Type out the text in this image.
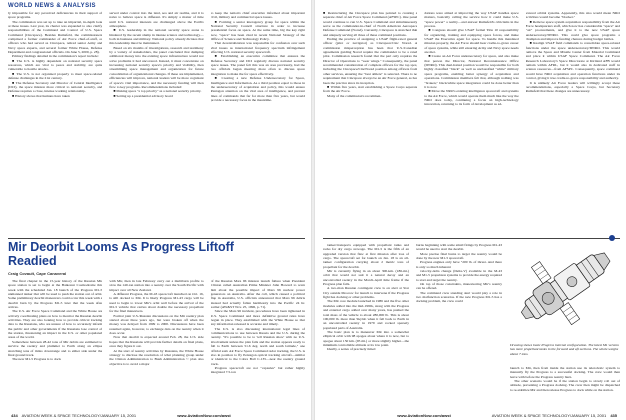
WORLD NEWS & ANALYSIS

ly impossible for any perceived deficiencies in their support of space programs.

The commission was set up to take an impartial, in-depth look at these issues. Last year, its charter was expanded to also clarify responsibilities of the Command and Control of U.S. Space Command (Cincspace). Besides Rumsfeld, the commissioners comprised a former commander of Air Force chief-of-staff, or officers who had served as Cincspace, retired senior Army and Navy space experts, and several former White House, Defense Department and congressional officials. On June 5, 2000, p. 28).

Primary findings detailed in the commission's report include:

■ The U.S. is highly dependent on national security space resources, which are vital to peace and stability, are quite vulnerable to hostile attacks.

■ The U.S. is not organized properly to meet space-related defense challenges in the 21st century.

■ The Defense Secretary and Director of Central Intelligence (DCI), the space mission more critical to national security, and Defense requires a close, intense working relationship.

■ History shows that humans have taken

served under control into the land, sea and air realms, and it is naive to believe space is different. It's simply a matter of time until U.S. national interests are challenged above the Earth's atmosphere.

■ U.S. leadership in the national security space arena is hindered by the recent slump in intense science and technology—both in business and military. National policy already dictates that this leadership must be maintained.

Based on six months of investigations, research and testimony by a variety of stakeholders, the panel concluded that dumping additional money into the existing space infrastructure would not solve problems it had uncovered. Instead, it must concentrate on increasing national security space's priority and visibility, then streamlining space management and organization for future consolidation of organizational changes. If these are implemented, efficiencies will improve, national leaders will be more cognizant of space's vital importance, and the necessary funding will then flow to key programs. Recommendations included:

■ Making space "a top priority" as a national security priority.

■ Setting up a presidential advisory board

to keep the nation's chief executive informed about important civil, military and commercial space issues.

■ Forming a senior interagency group for space within the National Security Council structure in order to increase presidential focus on space. At the same time, big the key right now, "space" has been cited in recent National Strategy of the Office of Science and Technology Policy.

That decentralization was responsible for confusion over such vital issues as international frequency spectrum infringement affecting U.S. national security spacecraft.

■ Establishing an executive committee that ensures the Defense Secretary and DCI regularly discuss national security space issues. The panel felt this was an area previously, had the two officials began meeting more often to discuss space integration to make the for space effectively.

■ Creating a new Defense Undersecretary for Space, Intelligence and Information. As a third position equal to those in the undersecretary of acquisition and policy, this would ensure Pentagon attention on the vital area of intelligence, and prevent lines of commands that far for more than five years, but would provide a necessary focus in the meantime.

Mir Deorbit Looms As Progress Liftoff Readied
Craig Covault, Cape Canaveral

The final chapter in the 15-year history of the Russian Mir space station is set to begin at the Baikonur Cosmodrome this week with the scheduled Jan. 18 launch of the Progress M1-5 unmanned tanker that will be used to push the station out of orbit. Some preliminary deorbit maneuvers could occur this week with a deorbit burn by the Progress M1-5 later that the week after arrives.

The U.S. Air Force Space Command and the White House are actively coordinating plans on how to monitor the Russian deorbit activities. They are also looking how to provide critical tracking data to the Russians, who are unsure of how to accurately inform the public and other governments if the Russians lose control of the station, threatening an impact in the U.S. or other populated areas of the world.

Somewhere between 28-42 tons of Mir debris are estimated to survive the reentry and plummet to Earth along an ellipse stretching tens of miles downrange and to either side under the final ground track.

The new M1-5 Progress is to dock

with Mir, then in late February carry out a multiburn profile to slow the 140-ton station into a reentry over the South Pacific with impact over all New Zealand.

A different Progress, the M-43 spacecraft launched on Oct. 16, is still docked to Mir. It is likely Progress M1-43 cargo will be used to begin to lower Mir's orbit well before the arrival of the M1-5 vehicle that carries about double the necessary propellant for the final maneuvers.

Formal joint U.S./Russian discussions on the Mir reentry plan started about three years ago, but were broken off when the money was delayed from 1999 to 2000. Discussions have been resumed again, however, to exchange data on the reentry when it does occur.

Now that deorbit is expected around Feb. 28, the U.S. side hopes that the Russians will provide further details on final plans, once they figure it out.

At the start of reentry activities by Russians, the White House strategy to disclose the resolution of what planning group under the Clinton Administration to Bush Administration © plan also objective is to avoid a major

of the Russian Mars 96 mission launch failure when President Clinton called Australian Prime Minister John Howard to warn him about the possible impact of Mars 96 nuclear power generators on Australia. After the call, which caused a political flap in Australia, U.S. officials announced that Mars 96 debris instead had actually fallen harmlessly into the Pacific 24 hr. earlier (AW&ST Nov. 25, 1996, p. 71).

Since the Mars 96 incident, procedures have been tightened in U.S. Space Command and more definitive ground rules have begun in place. They established with the White House so that any information released is accurate and timely.

The U.S. is also discussing international legal lines of communications to use between Russia and the U.S. during the reentry. "It's possible to be to 'tell Russian show' with no U.S. involvement unless the plan fails and the station appears ready to fall to Earth between 51.6 deg. north and south latitude," one official said. Air Force Space Command radar tracking, the U.S. is also in position to fly Pentagon optical tracking aircraft—similar or identical to the Cobra Ball C-135—near the reentry ground track.

Progress spacecraft are not "capsules" but rather highly integrated 7.5-ton

434 AVIATION WEEK & SPACE TECHNOLOGY/JANUARY 15, 2001	www.AviationNow.com/awst

■ Restructuring the Cincspace plan has pointed to creating a separate chief of Air Force Space Command (AFSPC). One panel would continue to run U.S. Space Command and simultaneously serve as the commander-in-chief of North American Aerospace Defense Command (Norad). Currently, Cincspace is stretched thin and uniquely serving all three of these command positions.

Ending the practice of assigning a USAF flight-rated general officer (pilot or navigator) as Cincspace/Cinc Norad. A commission misperception has been that U.S./Canadian agreements guiding Norad require the commander to be a rated pilot. Commission research found that the part only requires the Director of Operations to "wear wings." Consequently, the panel recommended consideration of complete officers for the top spot, including the Cincspace/CincNorad position among officers from other services, ensuring the "best athlete" is selected. There is no requirement that Cincspace always be an Air Force general, as has been the practice since its inception.

■ Within five years, start establishing a Space Corps separate from the Air Force.

Many of the commission's recommen-

dations were aimed at improving the way USAF handles space matters, basically calling the service how it could make U.S. "space power" a reality—and answer Rumsfeld's criticisms in the process.

■ Congress should give USAF formal Title 10 responsibility for organizing, training and equipping space forces, and make USAF the Executive agent for space. To handle this mandated mission properly, the Air Force should hear cradle-to-grave career of space systems, while still ensuring Army and Navy space needs are met.

■ Create an Air Force undersecretary for space, and also make that person the Director, National Reconnaissance Office (DNRO). This dual-hatted position would be responsible for both highly classified "black" as well as unclassified "white" military space programs, enabling better synergy of acquisition and operations. Commission members felt that, although nothing was "broken," black/white space integration could be done better than it is now.

■ Move the NRO's existing intelligence spacecraft and systems to the Air Force, which would operate them much like the way the NRO does today, continuing a focus on high-technology innovation, returning to its form of development as ad-

vanced orbital systems. Apparently, this also would mean NRO activities would become "blacker."

■ Remove space system acquisition responsibility from the Air Force headquarters staff, which now has considerable "space" and "air" procurements, and give it to the new USAF space undersecretary/DNRO. This could give space programs a champion and improve funding chances during budget battles.

■ Realign USAF field commands to consolidate space-related functions under the space undersecretary/DNRO. This would remove the Space and Missile Center from Material Command and place it within USAF Space Command. The Air Force Research Laboratory's Space Directorate at Kirtland AFB would remain within AFRL, but it would also in dedicated staff in science resources—from AFSPC. Consequently, space command would have NRO acquisition and operation functions under its control, giving it true cradle-to-grave responsibility and authority.

It is unlikely Air Force leaders will willingly accept these recommendations, especially a Space Corps, but Secretary Rumsfeld that these changes are unnecessary.

tanker/transports equipped with propellant tanks and racks for dry cargo stowage. The M1-5 is the fifth of an upgraded version that flew at first mission after loss of cargo. The spacecraft set for launch on Jan. 18 is an all-tanker configuration carrying about 2 metric tons of propellant for the deorbit.

Mir is currently flying in an about 300-km. (186-mi.) orbit that would not suit it a natural decay and an uncontrolled reentry in the March-April time frame if the Progress plan fails.

A two-man Russian contingent crew is on alert at Star City outside Moscow for launch to intervene if the Progress fight has docking or other problems.

The Mir core module launched in 1986 and the five other modules added into the mid-1990s, along with the Progress and external cargo added over many years, has pushed the total mass of the vehicle to about 280,000 lb. This is about 100,000 lb. more than Skylab when it fell back to Earth in an uncontrolled reentry in 1979 and rocked sparsely populated parts of Australia.

The basic plan is to maneuver Mir into a somewhat elliptical orbit with 98 apogee about where it is now, but to apogee about 150 km. (95 mi.) or more slightly higher—the minimum controllable altitude at its low point.

Ideally, a series of precisely timed

burns beginning with some small firings by Progress M1-43 would be used to start the deorbit.

More precise final burns to target the reentry would be done by the new M1-5 spacecraft.

Progress engines only have "200 lb. of thrust. And there is only so much inherent

velocity-delta change (Delta-V) available in the M-43 and M1-5 propulsion systems to provide the energy required to start and target the reentry.

On top of those constraints, maneuvering Mir's reentry can be offered.

The command crew standing alert would play a role in two malfunction scenarios. If the new Progress M1-5 has a docking problem, the crew could

Drawing shows basic Progress internal configuration. The latest M1 version has more propellant tanks in the forward and aft sections. The whole weighs about 7 tons.

launch to Mir, then from inside the station use its telerobotic system to manually fly the Progress to a successful docking. The crew would then leave with before the Progress reentry burn.

The other scenario would be if the station begin to slowly roll out of attitude, preventing a Progress docking. The crew then might be dispatched to re-stabilize Mir and then release Progress to dock while on the station.

www.AviationNow.com/awst	AVIATION WEEK & SPACE TECHNOLOGY/JANUARY 15, 2001 435
